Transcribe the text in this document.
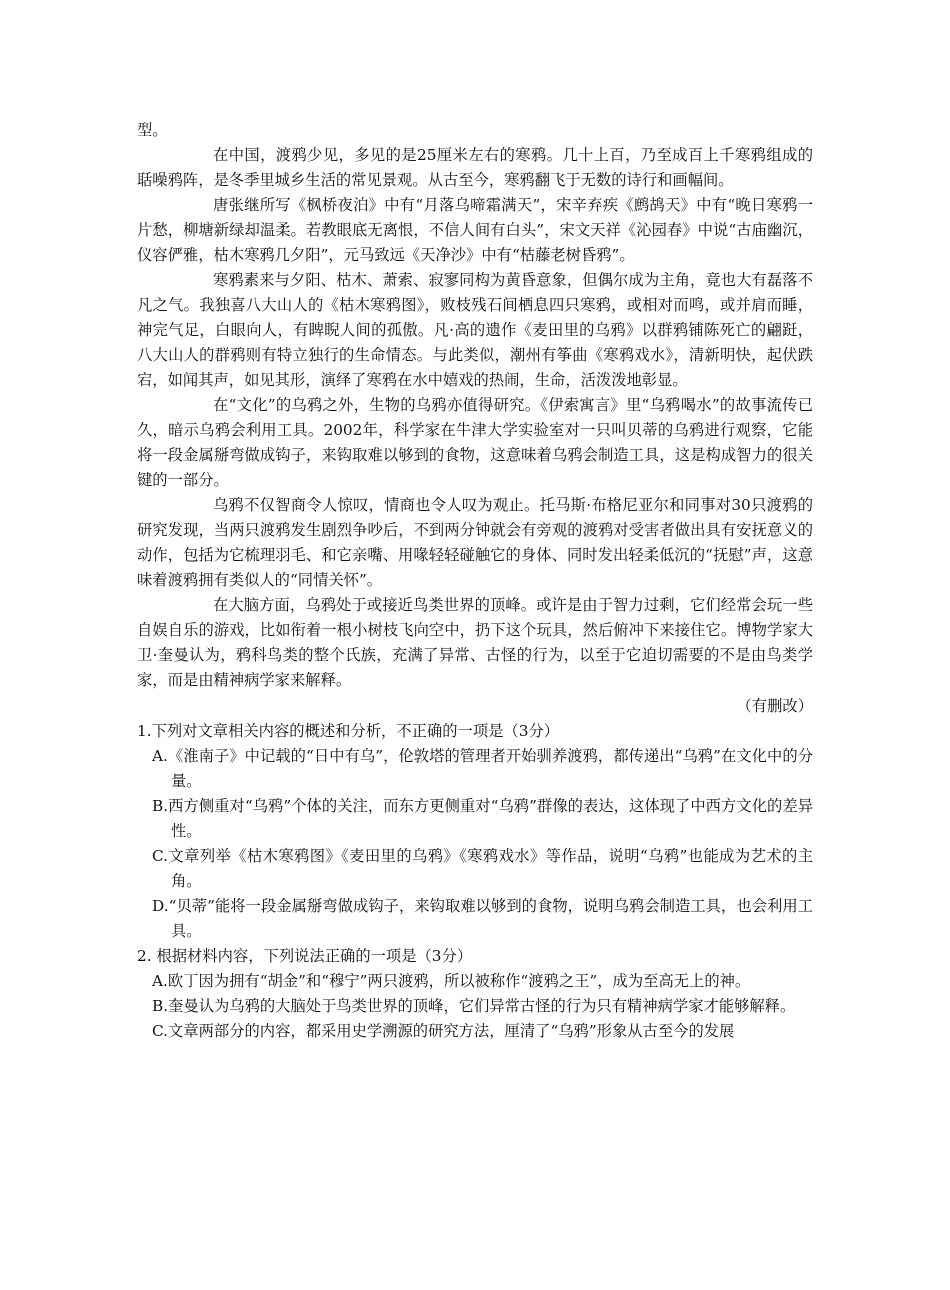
型。

在中国，渡鸦少见，多见的是25厘米左右的寒鸦。几十上百，乃至成百上千寒鸦组成的聒噪鸦阵，是冬季里城乡生活的常见景观。从古至今，寒鸦翻飞于无数的诗行和画幅间。

唐张继所写《枫桥夜泊》中有“月落乌啼霜满天”，宋辛弃疾《鹧鸪天》中有“晚日寒鸦一片愁，柳塘新绿却温柔。若教眼底无离恨，不信人间有白头”，宋文天祥《沁园春》中说“古庙幽沉，仪容俨雅，枯木寒鸦几夕阳”，元马致远《天净沙》中有“枯藤老树昏鸦”。

寒鸦素来与夕阳、枯木、萧索、寂寥同构为黄昏意象，但偶尔成为主角，竟也大有磊落不凡之气。我独喜八大山人的《枯木寒鸦图》，败枝残石间栖息四只寒鸦，或相对而鸣，或并肩而睡，神完气足，白眼向人，有睥睨人间的孤傲。凡·高的遗作《麦田里的乌鸦》以群鸦铺陈死亡的翩跹，八大山人的群鸦则有特立独行的生命情态。与此类似，潮州有筝曲《寒鸦戏水》，清新明快，起伏跌宕，如闻其声，如见其形，演绎了寒鸦在水中嬉戏的热闹，生命，活泼泼地彰显。

在“文化”的乌鸦之外，生物的乌鸦亦值得研究。《伊索寓言》里“乌鸦喝水”的故事流传已久，暗示乌鸦会利用工具。2002年，科学家在牛津大学实验室对一只叫贝蒂的乌鸦进行观察，它能将一段金属掰弯做成钩子，来钩取难以够到的食物，这意味着乌鸦会制造工具，这是构成智力的很关键的一部分。

乌鸦不仅智商令人惊叹，情商也令人叹为观止。托马斯·布格尼亚尔和同事对30只渡鸦的研究发现，当两只渡鸦发生剧烈争吵后，不到两分钟就会有旁观的渡鸦对受害者做出具有安抚意义的动作，包括为它梳理羽毛、和它亲嘴、用喙轻轻碰触它的身体、同时发出轻柔低沉的“抚慰”声，这意味着渡鸦拥有类似人的“同情关怀”。

在大脑方面，乌鸦处于或接近鸟类世界的顶峰。或许是由于智力过剩，它们经常会玩一些自娱自乐的游戏，比如衔着一根小树枝飞向空中，扔下这个玩具，然后俯冲下来接住它。博物学家大卫·奎曼认为，鸦科鸟类的整个氏族，充满了异常、古怪的行为，以至于它迫切需要的不是由鸟类学家，而是由精神病学家来解释。

（有删改）

1.下列对文章相关内容的概述和分析，不正确的一项是（3分）

A.《淮南子》中记载的“日中有乌”，伦敦塔的管理者开始驯养渡鸦，都传递出“乌鸦”在文化中的分量。

B.西方侧重对“乌鸦”个体的关注，而东方更侧重对“乌鸦”群像的表达，这体现了中西方文化的差异性。

C.文章列举《枯木寒鸦图》《麦田里的乌鸦》《寒鸦戏水》等作品，说明“乌鸦”也能成为艺术的主角。

D.“贝蒂”能将一段金属掰弯做成钩子，来钩取难以够到的食物，说明乌鸦会制造工具，也会利用工具。

2. 根据材料内容，下列说法正确的一项是（3分）

A.欧丁因为拥有“胡金”和“穆宁”两只渡鸦，所以被称作“渡鸦之王”，成为至高无上的神。

B.奎曼认为乌鸦的大脑处于鸟类世界的顶峰，它们异常古怪的行为只有精神病学家才能够解释。

C.文章两部分的内容，都采用史学溯源的研究方法，厘清了“乌鸦”形象从古至今的发展
